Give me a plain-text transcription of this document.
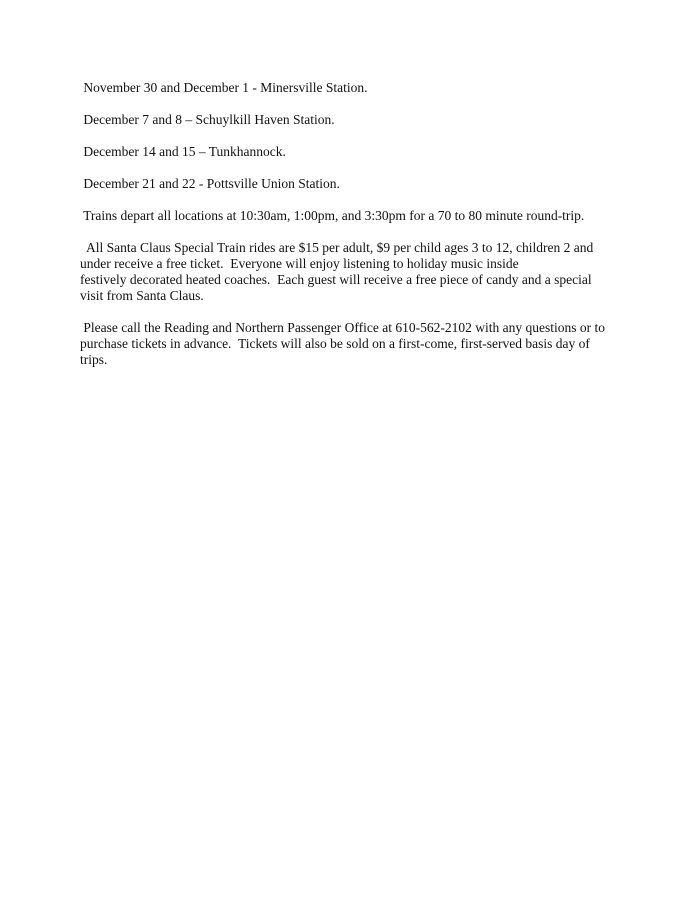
November 30 and December 1 - Minersville Station.

December 7 and 8 – Schuylkill Haven Station.

December 14 and 15 – Tunkhannock.

December 21 and 22 - Pottsville Union Station.

Trains depart all locations at 10:30am, 1:00pm, and 3:30pm for a 70 to 80 minute round-trip.

All Santa Claus Special Train rides are $15 per adult, $9 per child ages 3 to 12, children 2 and
under receive a free ticket.  Everyone will enjoy listening to holiday music inside
festively decorated heated coaches.  Each guest will receive a free piece of candy and a special
visit from Santa Claus.

Please call the Reading and Northern Passenger Office at 610-562-2102 with any questions or to
purchase tickets in advance.  Tickets will also be sold on a first-come, first-served basis day of
trips.
